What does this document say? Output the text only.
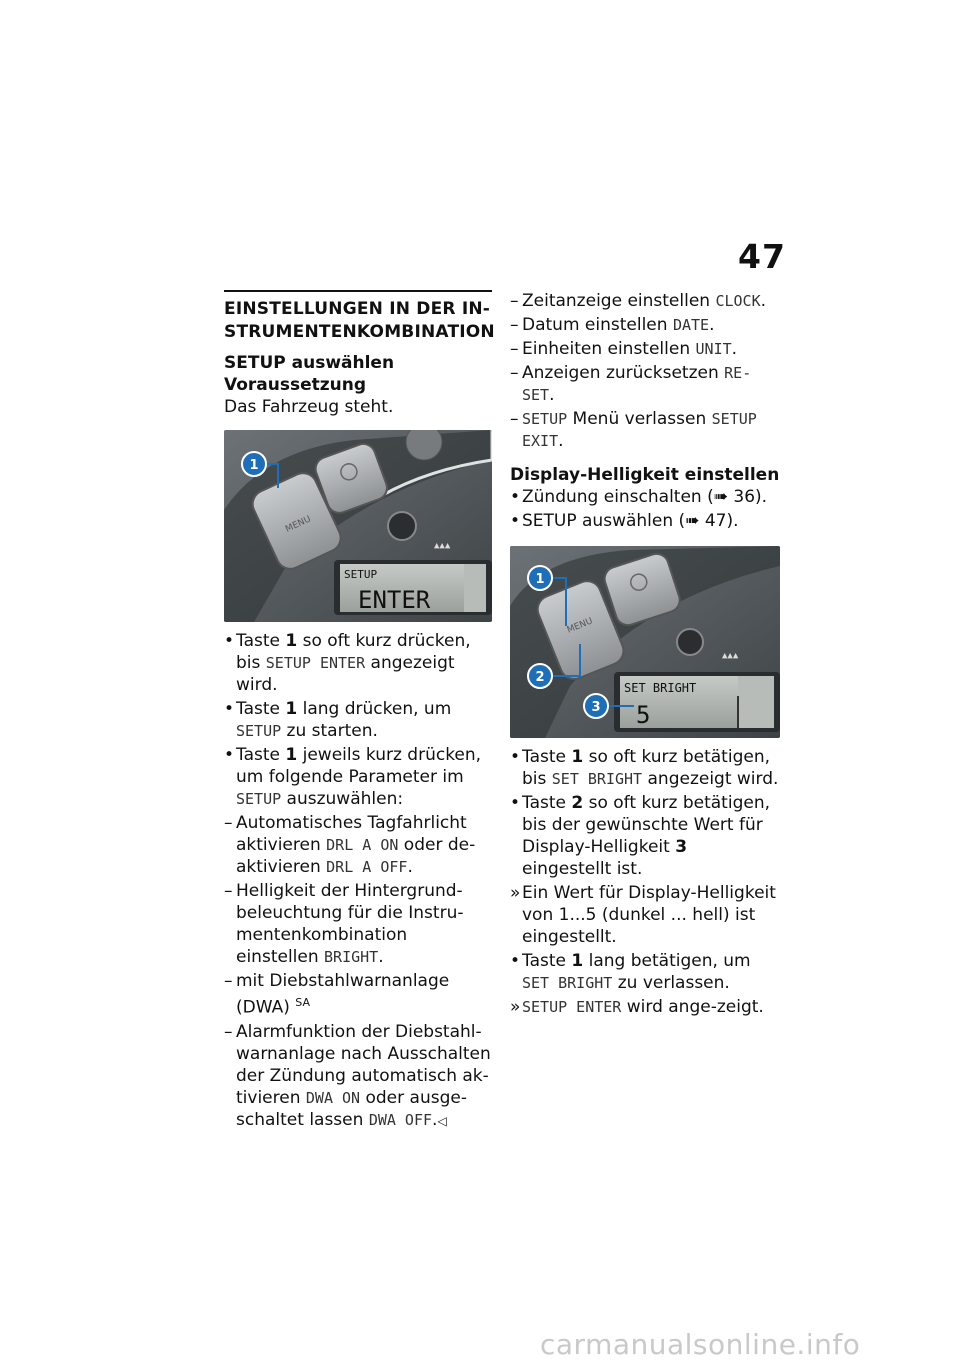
47
EINSTELLUNGEN IN DER IN-
STRUMENTENKOMBINATION

SETUP auswählen

Voraussetzung

Das Fahrzeug steht.

MENU
▲▲▲
SETUP
ENTER
1
• Taste 1 so oft kurz drücken, bis SETUP ENTER angezeigt wird.
• Taste 1 lang drücken, um SETUP zu starten.
• Taste 1 jeweils kurz drücken, um folgende Parameter im SETUP auszuwählen:
– Automatisches Tagfahrlicht aktivieren DRL A ON oder de-aktivieren DRL A OFF.
– Helligkeit der Hintergrund-beleuchtung für die Instru-mentenkombination einstellen BRIGHT.
– mit Diebstahlwarnanlage (DWA) $^{SA}$
– Alarmfunktion der Diebstahl-warnanlage nach Ausschalten der Zündung automatisch ak-tivieren DWA ON oder ausge-schaltet lassen DWA OFF.◁
– Zeitanzeige einstellen CLOCK.
– Datum einstellen DATE.
– Einheiten einstellen UNIT.
– Anzeigen zurücksetzen RE-SET.
– SETUP Menü verlassen SETUP EXIT.

Display-Helligkeit einstellen

• Zündung einschalten (➠ 36).
• SETUP auswählen (➠ 47).
MENU
▲▲▲
SET BRIGHT
5
1
2
3
• Taste 1 so oft kurz betätigen, bis SET BRIGHT angezeigt wird.
• Taste 2 so oft kurz betätigen, bis der gewünschte Wert für Display-Helligkeit 3 eingestellt ist.
» Ein Wert für Display-Helligkeit von 1...5 (dunkel ... hell) ist eingestellt.
• Taste 1 lang betätigen, um SET BRIGHT zu verlassen.
» SETUP ENTER wird ange-zeigt.
carmanualsonline.info
